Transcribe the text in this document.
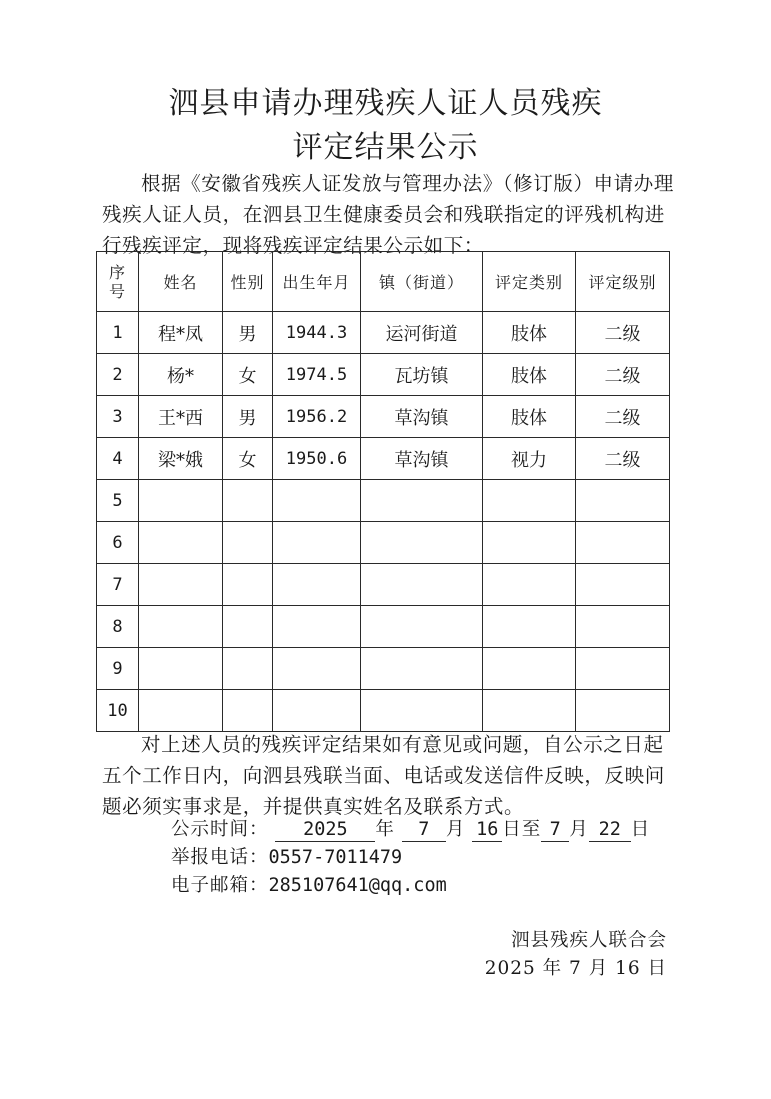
泗县申请办理残疾人证人员残疾
评定结果公示

根据《安徽省残疾人证发放与管理办法》（修订版）申请办理残疾人证人员，在泗县卫生健康委员会和残联指定的评残机构进行残疾评定，现将残疾评定结果公示如下：

序
号	姓名	性别	出生年月	镇（街道）	评定类别	评定级别
1	程*凤	男	1944.3	运河街道	肢体	二级
2	杨*	女	1974.5	瓦坊镇	肢体	二级
3	王*西	男	1956.2	草沟镇	肢体	二级
4	梁*娥	女	1950.6	草沟镇	视力	二级
5						
6						
7						
8						
9						
10						

对上述人员的残疾评定结果如有意见或问题，自公示之日起五个工作日内，向泗县残联当面、电话或发送信件反映，反映问题必须实事求是，并提供真实姓名及联系方式。

公示时间： 2025 年 7 月 16 日至 7 月 22 日
举报电话：0557-7011479
电子邮箱：285107641@qq.com
泗县残疾人联合会
2025 年 7 月 16 日
